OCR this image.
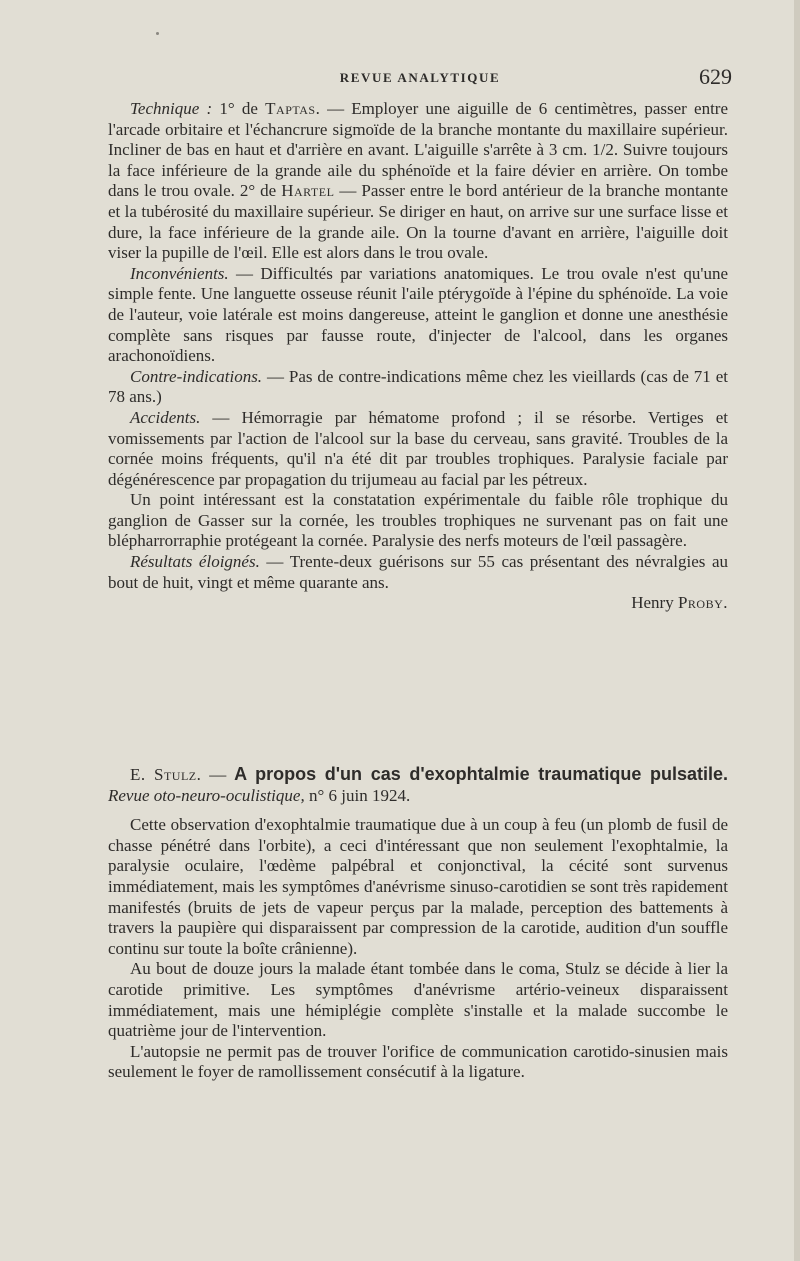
REVUE ANALYTIQUE	629

Technique : 1° de Taptas. — Employer une aiguille de 6 centimètres, passer entre l'arcade orbitaire et l'échancrure sigmoïde de la branche montante du maxillaire supérieur. Incliner de bas en haut et d'arrière en avant. L'aiguille s'arrête à 3 cm. 1/2. Suivre toujours la face inférieure de la grande aile du sphénoïde et la faire dévier en arrière. On tombe dans le trou ovale. 2° de Hartel — Passer entre le bord antérieur de la branche montante et la tubérosité du maxillaire supérieur. Se diriger en haut, on arrive sur une surface lisse et dure, la face inférieure de la grande aile. On la tourne d'avant en arrière, l'aiguille doit viser la pupille de l'œil. Elle est alors dans le trou ovale.

Inconvénients. — Difficultés par variations anatomiques. Le trou ovale n'est qu'une simple fente. Une languette osseuse réunit l'aile ptérygoïde à l'épine du sphénoïde. La voie de l'auteur, voie latérale est moins dangereuse, atteint le ganglion et donne une anesthésie complète sans risques par fausse route, d'injecter de l'alcool, dans les organes arachonoïdiens.

Contre-indications. — Pas de contre-indications même chez les vieillards (cas de 71 et 78 ans.)

Accidents. — Hémorragie par hématome profond ; il se résorbe. Vertiges et vomissements par l'action de l'alcool sur la base du cerveau, sans gravité. Troubles de la cornée moins fréquents, qu'il n'a été dit par troubles trophiques. Paralysie faciale par dégénérescence par propagation du trijumeau au facial par les pétreux.

Un point intéressant est la constatation expérimentale du faible rôle trophique du ganglion de Gasser sur la cornée, les troubles trophiques ne survenant pas on fait une blépharrorraphie protégeant la cornée. Paralysie des nerfs moteurs de l'œil passagère.

Résultats éloignés. — Trente-deux guérisons sur 55 cas présentant des névralgies au bout de huit, vingt et même quarante ans.

Henry Proby.

E. Stulz. — A propos d'un cas d'exophtalmie traumatique pulsatile. Revue oto-neuro-oculistique, n° 6 juin 1924.

Cette observation d'exophtalmie traumatique due à un coup à feu (un plomb de fusil de chasse pénétré dans l'orbite), a ceci d'intéressant que non seulement l'exophtalmie, la paralysie oculaire, l'œdème palpébral et conjonctival, la cécité sont survenus immédiatement, mais les symptômes d'anévrisme sinuso-carotidien se sont très rapidement manifestés (bruits de jets de vapeur perçus par la malade, perception des battements à travers la paupière qui disparaissent par compression de la carotide, audition d'un souffle continu sur toute la boîte crânienne).

Au bout de douze jours la malade étant tombée dans le coma, Stulz se décide à lier la carotide primitive. Les symptômes d'anévrisme artério-veineux disparaissent immédiatement, mais une hémiplégie complète s'installe et la malade succombe le quatrième jour de l'intervention.

L'autopsie ne permit pas de trouver l'orifice de communication carotido-sinusien mais seulement le foyer de ramollissement consécutif à la ligature.
